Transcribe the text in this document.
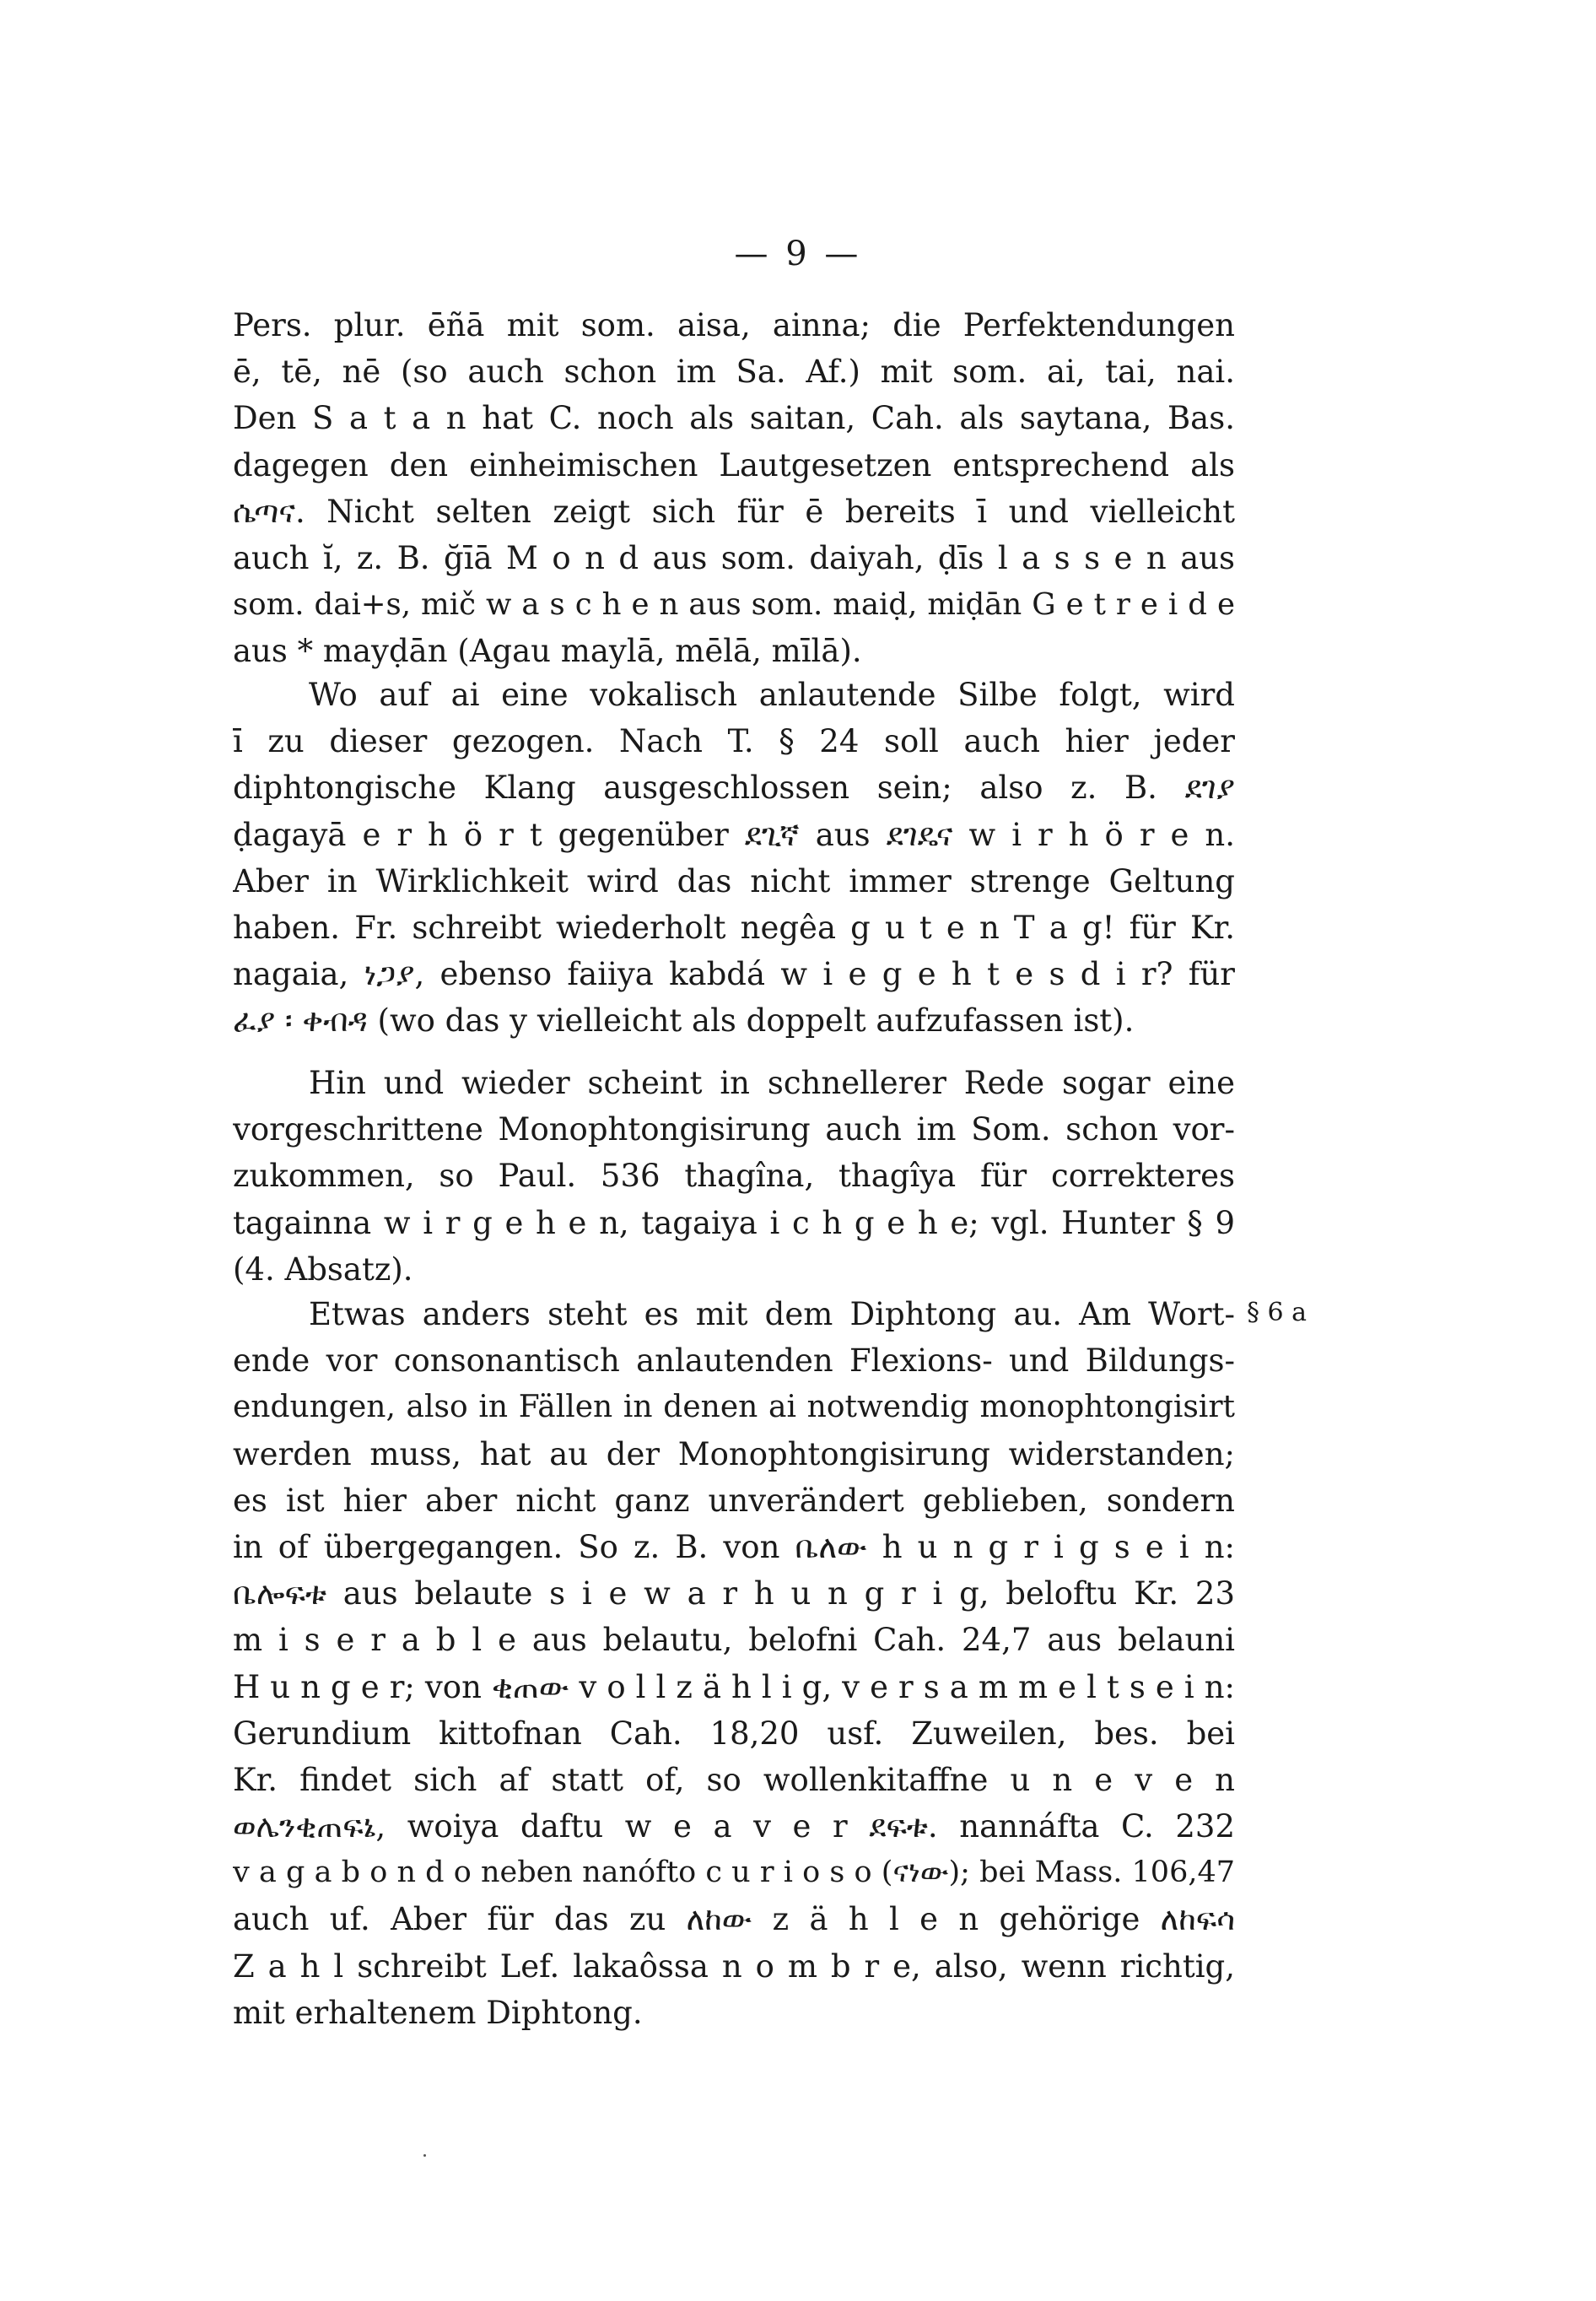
— 9 —
§ 6 a
Pers. plur. ēñā mit som. aisa, ainna; die Perfektendungen
ē, tē, nē (so auch schon im Sa. Af.) mit som. ai, tai, nai.
Den S a t a n hat C. noch als saitan, Cah. als saytana, Bas.
dagegen den einheimischen Lautgesetzen entsprechend als
ሴጣና. Nicht selten zeigt sich für ē bereits ī und vielleicht
auch ĭ, z. B. ğīā M o n d aus som. daiyah, ḍīs l a s s e n aus
som. dai+s, mič w a s c h e n aus som. maiḍ, miḍān G e t r e i d e
aus * mayḍān (Agau maylā, mēlā, mīlā).
Wo auf ai eine vokalisch anlautende Silbe folgt, wird
ī zu dieser gezogen. Nach T. § 24 soll auch hier jeder
diphtongische Klang ausgeschlossen sein; also z. B. ደገያ
ḍagayā e r h ö r t gegenüber ደጊኛ aus ደገዴና w i r h ö r e n.
Aber in Wirklichkeit wird das nicht immer strenge Geltung
haben. Fr. schreibt wiederholt negêa g u t e n T a g! für Kr.
nagaia, ነጋያ, ebenso faiiya kabdá w i e g e h t e s d i r? für
ፈያ ፡ ቀብዳ (wo das y vielleicht als doppelt aufzufassen ist).
Hin und wieder scheint in schnellerer Rede sogar eine
vorgeschrittene Monophtongisirung auch im Som. schon vor-
zukommen, so Paul. 536 thagîna, thagîya für correkteres
tagainna w i r g e h e n, tagaiya i c h g e h e; vgl. Hunter § 9
(4. Absatz).
Etwas anders steht es mit dem Diphtong au. Am Wort-
ende vor consonantisch anlautenden Flexions- und Bildungs-
endungen, also in Fällen in denen ai notwendig monophtongisirt
werden muss, hat au der Monophtongisirung widerstanden;
es ist hier aber nicht ganz unverändert geblieben, sondern
in of übergegangen. So z. B. von ቤለው h u n g r i g s e i n:
ቤሎፍቱ aus belaute s i e w a r h u n g r i g, beloftu Kr. 23
m i s e r a b l e aus belautu, belofni Cah. 24,7 aus belauni
H u n g e r; von ቂጠው v o l l z ä h l i g, v e r s a m m e l t s e i n:
Gerundium kittofnan Cah. 18,20 usf. Zuweilen, bes. bei
Kr. findet sich af statt of, so wollenkitaffne u n e v e n
ወሌንቂጠፍኔ, woiya daftu w e a v e r ደፍቱ. nannáfta C. 232
v a g a b o n d o neben nanófto c u r i o s o (ናነው); bei Mass. 106,47
auch uf. Aber für das zu ለከው z ä h l e n gehörige ለከፍሳ
Z a h l schreibt Lef. lakaôssa n o m b r e, also, wenn richtig,
mit erhaltenem Diphtong.
